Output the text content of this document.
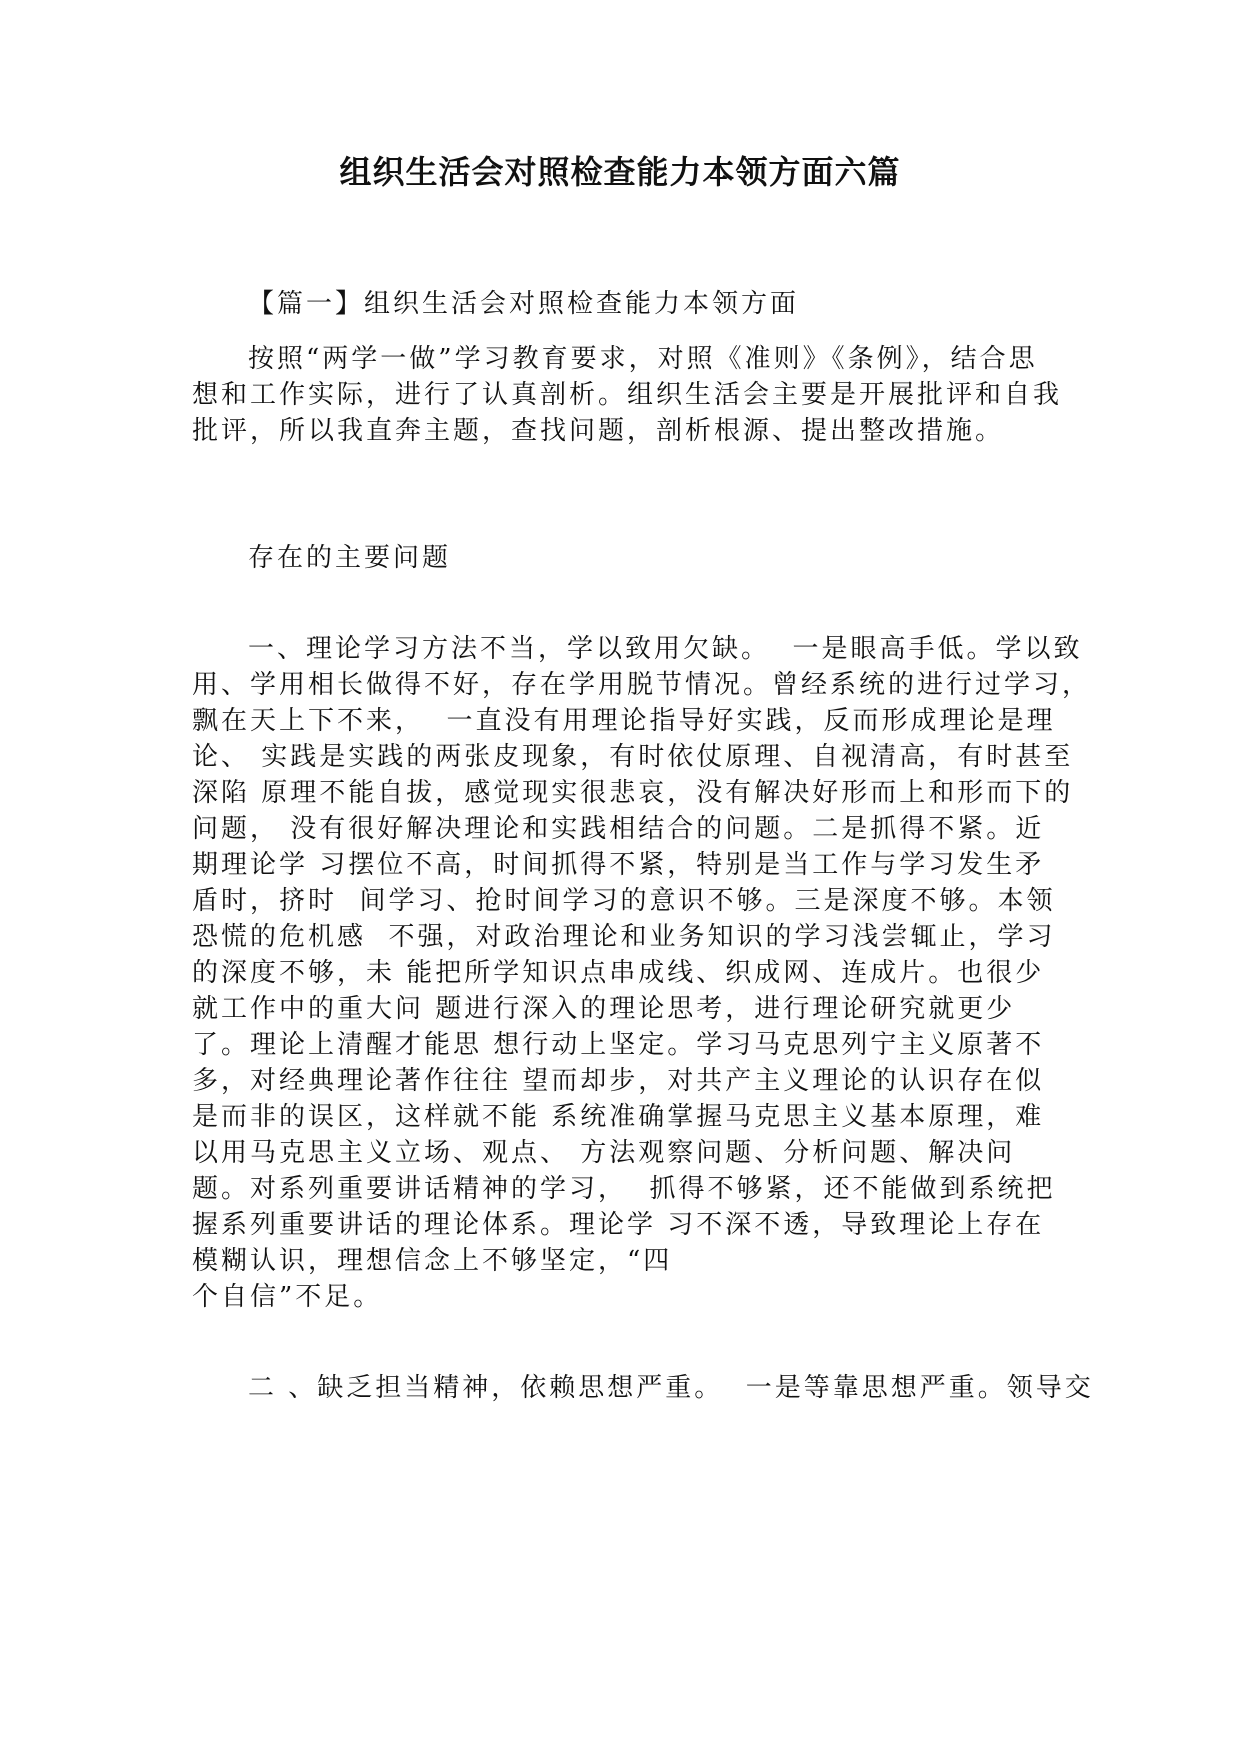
组织生活会对照检查能力本领方面六篇
【篇一】组织生活会对照检查能力本领方面
按照“两学一做”学习教育要求，对照《准则》《条例》，结合思
想和工作实际，进行了认真剖析。组织生活会主要是开展批评和自我
批评，所以我直奔主题，查找问题，剖析根源、提出整改措施。
存在的主要问题
一、理论学习方法不当，学以致用欠缺。  一是眼高手低。学以致
用、学用相长做得不好，存在学用脱节情况。曾经系统的进行过学习，
飘在天上下不来，  一直没有用理论指导好实践，反而形成理论是理
论、 实践是实践的两张皮现象，有时依仗原理、自视清高，有时甚至
深陷 原理不能自拔，感觉现实很悲哀，没有解决好形而上和形而下的
问题， 没有很好解决理论和实践相结合的问题。二是抓得不紧。近
期理论学 习摆位不高，时间抓得不紧，特别是当工作与学习发生矛
盾时，挤时  间学习、抢时间学习的意识不够。三是深度不够。本领
恐慌的危机感  不强，对政治理论和业务知识的学习浅尝辄止，学习
的深度不够，未 能把所学知识点串成线、织成网、连成片。也很少
就工作中的重大问 题进行深入的理论思考，进行理论研究就更少
了。理论上清醒才能思 想行动上坚定。学习马克思列宁主义原著不
多，对经典理论著作往往 望而却步，对共产主义理论的认识存在似
是而非的误区，这样就不能 系统准确掌握马克思主义基本原理，难
以用马克思主义立场、观点、 方法观察问题、分析问题、解决问
题。对系列重要讲话精神的学习，  抓得不够紧，还不能做到系统把
握系列重要讲话的理论体系。理论学 习不深不透，导致理论上存在
模糊认识，理想信念上不够坚定，“四
个自信”不足。
二 、缺乏担当精神，依赖思想严重。  一是等靠思想严重。领导交
